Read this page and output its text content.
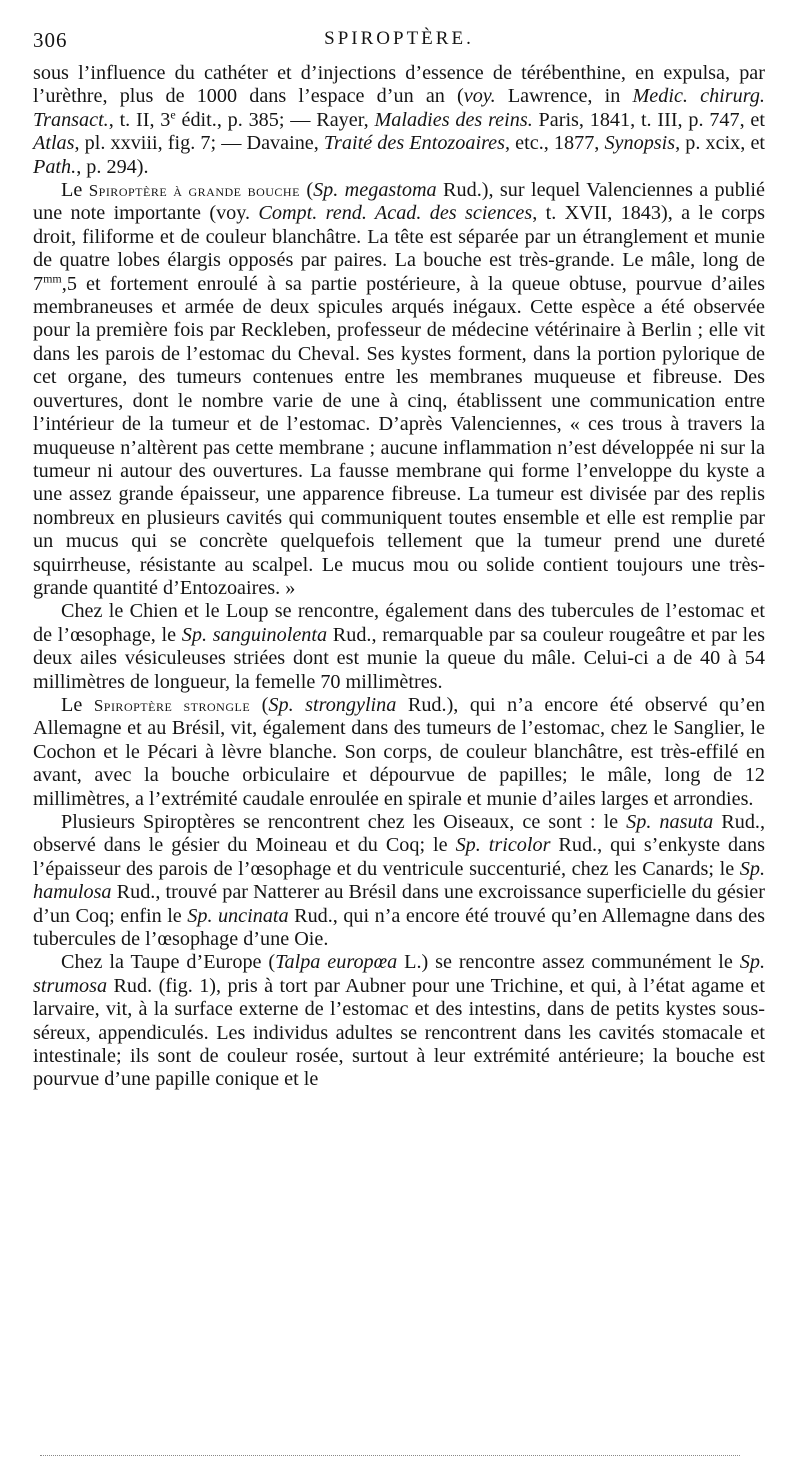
306	SPIROPTÈRE.

sous l’influence du cathéter et d’injections d’essence de térébenthine, en expulsa, par l’urèthre, plus de 1000 dans l’espace d’un an (voy. Lawrence, in Medic. chirurg. Transact., t. II, 3e édit., p. 385; — Rayer, Maladies des reins. Paris, 1841, t. III, p. 747, et Atlas, pl. xxviii, fig. 7; — Davaine, Traité des Entozoaires, etc., 1877, Synopsis, p. xcix, et Path., p. 294).

Le Spiroptère à grande bouche (Sp. megastoma Rud.), sur lequel Valenciennes a publié une note importante (voy. Compt. rend. Acad. des sciences, t. XVII, 1843), a le corps droit, filiforme et de couleur blanchâtre. La tête est séparée par un étranglement et munie de quatre lobes élargis opposés par paires. La bouche est très-grande. Le mâle, long de $7^{mm},5$ et fortement enroulé à sa partie postérieure, à la queue obtuse, pourvue d’ailes membraneuses et armée de deux spicules arqués inégaux. Cette espèce a été observée pour la première fois par Reckleben, professeur de médecine vétérinaire à Berlin ; elle vit dans les parois de l’estomac du Cheval. Ses kystes forment, dans la portion pylorique de cet organe, des tumeurs contenues entre les membranes muqueuse et fibreuse. Des ouvertures, dont le nombre varie de une à cinq, établissent une communication entre l’intérieur de la tumeur et de l’estomac. D’après Valenciennes, « ces trous à travers la muqueuse n’altèrent pas cette membrane ; aucune inflammation n’est développée ni sur la tumeur ni autour des ouvertures. La fausse membrane qui forme l’enveloppe du kyste a une assez grande épaisseur, une apparence fibreuse. La tumeur est divisée par des replis nombreux en plusieurs cavités qui communiquent toutes ensemble et elle est remplie par un mucus qui se concrète quelquefois tellement que la tumeur prend une dureté squirrheuse, résistante au scalpel. Le mucus mou ou solide contient toujours une très-grande quantité d’Entozoaires. »

Chez le Chien et le Loup se rencontre, également dans des tubercules de l’estomac et de l’œsophage, le Sp. sanguinolenta Rud., remarquable par sa couleur rougeâtre et par les deux ailes vésiculeuses striées dont est munie la queue du mâle. Celui-ci a de 40 à 54 millimètres de longueur, la femelle 70 millimètres.

Le Spiroptère strongle (Sp. strongylina Rud.), qui n’a encore été observé qu’en Allemagne et au Brésil, vit, également dans des tumeurs de l’estomac, chez le Sanglier, le Cochon et le Pécari à lèvre blanche. Son corps, de couleur blanchâtre, est très-effilé en avant, avec la bouche orbiculaire et dépourvue de papilles; le mâle, long de 12 millimètres, a l’extrémité caudale enroulée en spirale et munie d’ailes larges et arrondies.

Plusieurs Spiroptères se rencontrent chez les Oiseaux, ce sont : le Sp. nasuta Rud., observé dans le gésier du Moineau et du Coq; le Sp. tricolor Rud., qui s’enkyste dans l’épaisseur des parois de l’œsophage et du ventricule succenturié, chez les Canards; le Sp. hamulosa Rud., trouvé par Natterer au Brésil dans une excroissance superficielle du gésier d’un Coq; enfin le Sp. uncinata Rud., qui n’a encore été trouvé qu’en Allemagne dans des tubercules de l’œsophage d’une Oie.

Chez la Taupe d’Europe (Talpa europœa L.) se rencontre assez communément le Sp. strumosa Rud. (fig. 1), pris à tort par Aubner pour une Trichine, et qui, à l’état agame et larvaire, vit, à la surface externe de l’estomac et des intestins, dans de petits kystes sous-séreux, appendiculés. Les individus adultes se rencontrent dans les cavités stomacale et intestinale; ils sont de couleur rosée, surtout à leur extrémité antérieure; la bouche est pourvue d’une papille conique et le
